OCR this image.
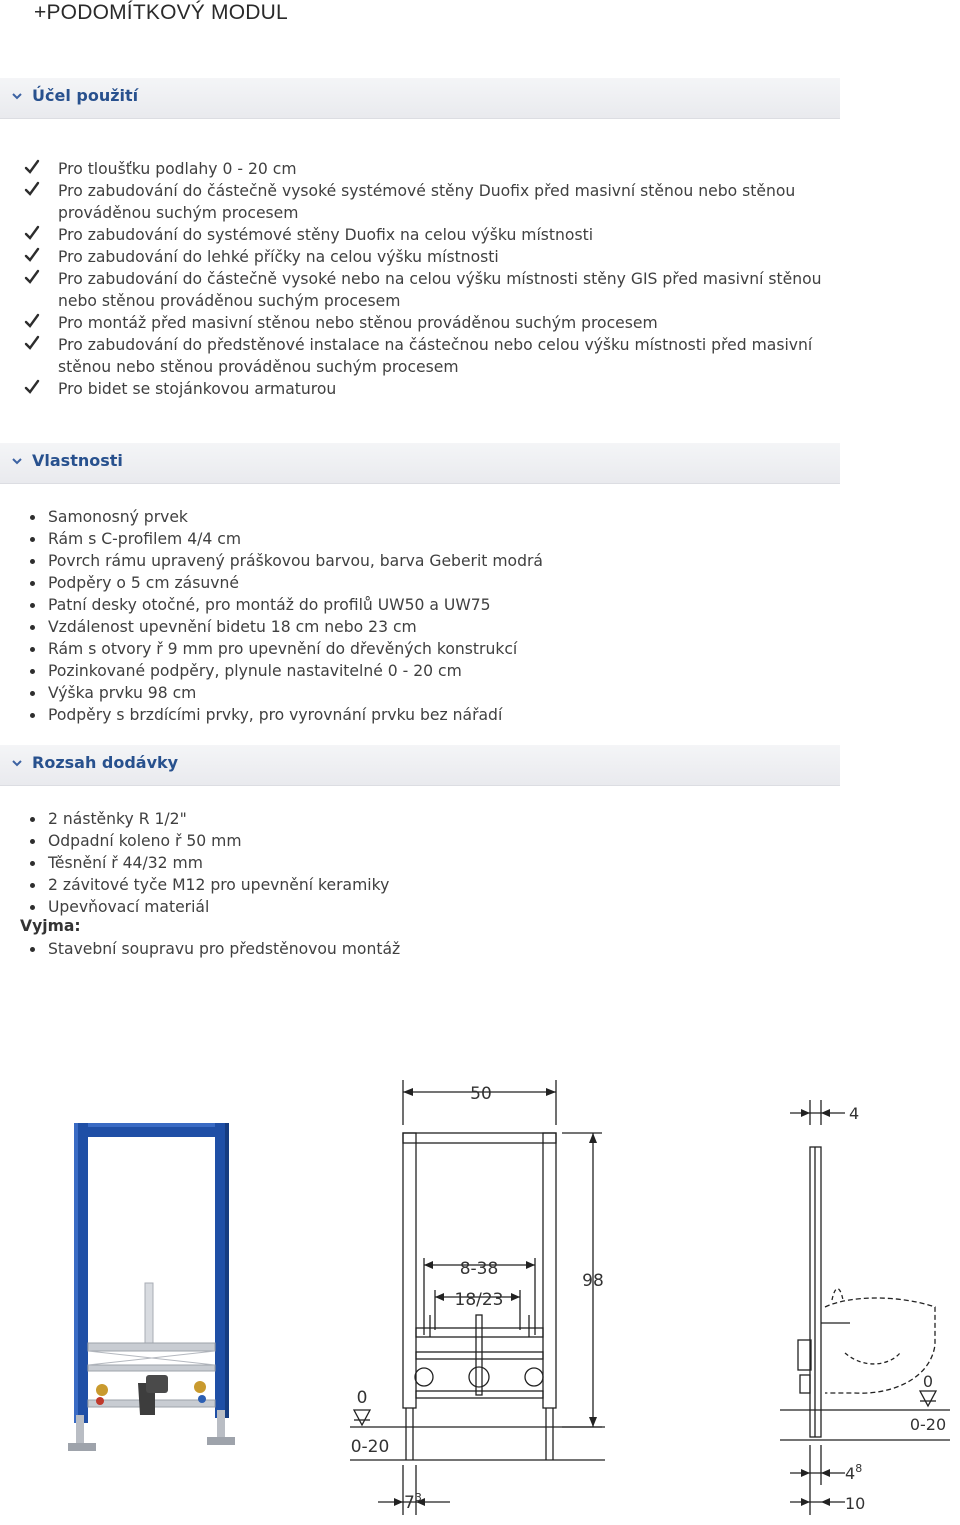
+PODOMÍTKOVÝ MODUL
Účel použití
Pro tloušťku podlahy 0 - 20 cm
Pro zabudování do částečně vysoké systémové stěny Duofix před masivní stěnou nebo stěnou
prováděnou suchým procesem
Pro zabudování do systémové stěny Duofix na celou výšku místnosti
Pro zabudování do lehké příčky na celou výšku místnosti
Pro zabudování do částečně vysoké nebo na celou výšku místnosti stěny GIS před masivní stěnou
nebo stěnou prováděnou suchým procesem
Pro montáž před masivní stěnou nebo stěnou prováděnou suchým procesem
Pro zabudování do předstěnové instalace na částečnou nebo celou výšku místnosti před masivní
stěnou nebo stěnou prováděnou suchým procesem
Pro bidet se stojánkovou armaturou
Vlastnosti
Samonosný prvek
Rám s C-profilem 4/4 cm
Povrch rámu upravený práškovou barvou, barva Geberit modrá
Podpěry o 5 cm zásuvné
Patní desky otočné, pro montáž do profilů UW50 a UW75
Vzdálenost upevnění bidetu 18 cm nebo 23 cm
Rám s otvory ř 9 mm pro upevnění do dřevěných konstrukcí
Pozinkované podpěry, plynule nastavitelné 0 - 20 cm
Výška prvku 98 cm
Podpěry s brzdícími prvky, pro vyrovnání prvku bez nářadí
Rozsah dodávky
2 nástěnky R 1/2"
Odpadní koleno ř 50 mm
Těsnění ř 44/32 mm
2 závitové tyče M12 pro upevnění keramiky
Upevňovací materiál
Vyjma:
Stavební soupravu pro předstěnovou montáž
50
98
8-38
18/23
0
0-20
$7^3$
4
0
0-20
$4^8$
10
